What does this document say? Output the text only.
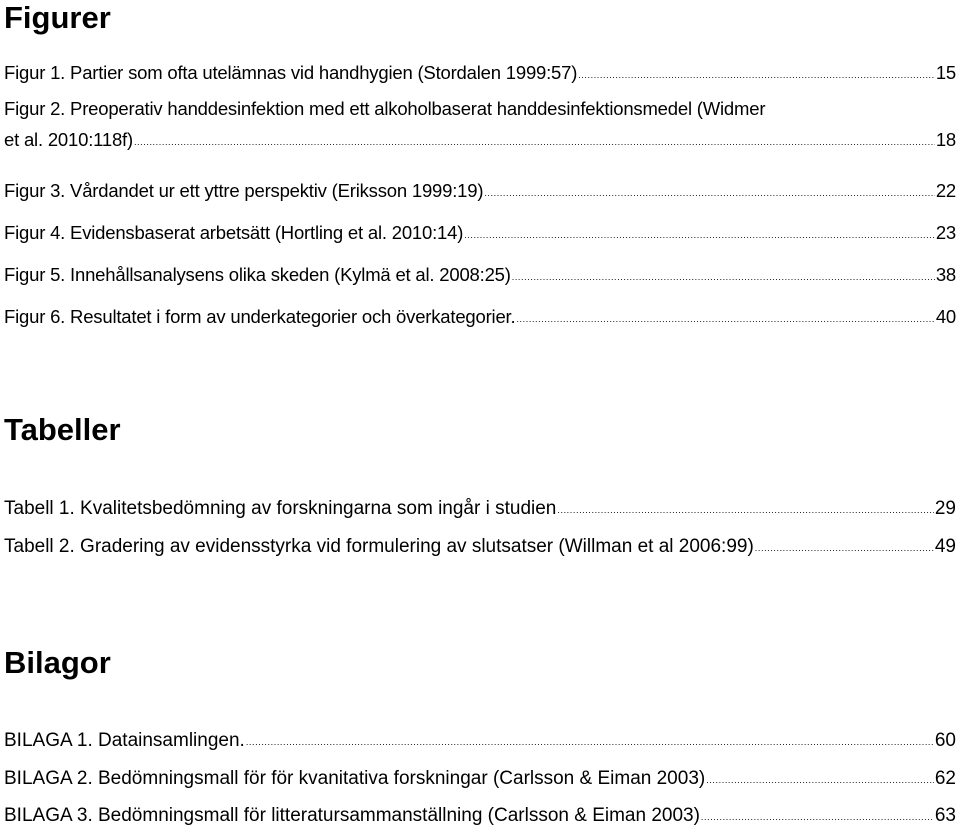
Figurer
Figur 1. Partier som ofta utelämnas vid handhygien (Stordalen 1999:57) .....	15
Figur 2. Preoperativ handdesinfektion med ett alkoholbaserat handdesinfektionsmedel (Widmer
et al. 2010:118f) .....	18
Figur 3. Vårdandet ur ett yttre perspektiv (Eriksson 1999:19) .....	22
Figur 4. Evidensbaserat arbetsätt (Hortling et al. 2010:14) .....	23
Figur 5. Innehållsanalysens olika skeden (Kylmä et al. 2008:25) .....	38
Figur 6. Resultatet i form av underkategorier och överkategorier. .....	40
Tabeller
Tabell 1. Kvalitetsbedömning av forskningarna som ingår i studien .....	29
Tabell 2. Gradering av evidensstyrka vid formulering av slutsatser (Willman et al 2006:99) .....	49
Bilagor
BILAGA 1. Datainsamlingen. .....	60
BILAGA 2. Bedömningsmall för för kvanitativa forskningar (Carlsson & Eiman 2003) .....	62
BILAGA 3. Bedömningsmall för litteratursammanställning (Carlsson & Eiman 2003) .....	63
